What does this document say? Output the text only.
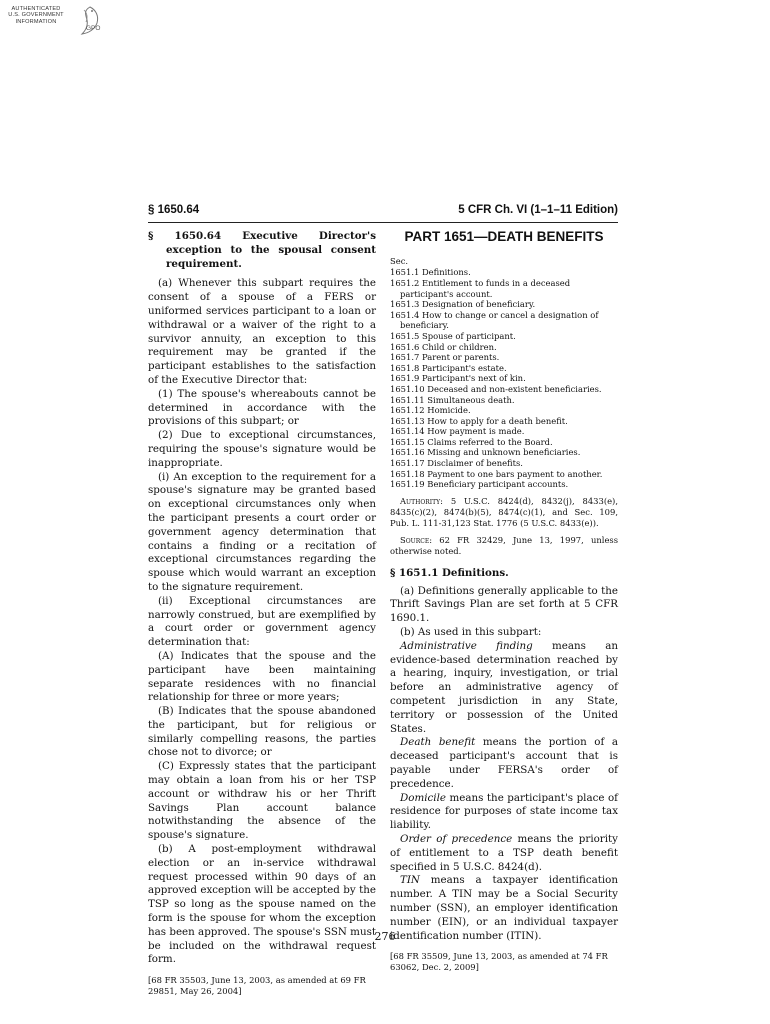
AUTHENTICATED
U.S. GOVERNMENT
INFORMATION
GPO
§ 1650.64	5 CFR Ch. VI (1–1–11 Edition)

§ 1650.64 Executive Director's exception to the spousal consent requirement.

(a) Whenever this subpart requires the consent of a spouse of a FERS or uniformed services participant to a loan or withdrawal or a waiver of the right to a survivor annuity, an exception to this requirement may be granted if the participant establishes to the satisfaction of the Executive Director that:

(1) The spouse's whereabouts cannot be determined in accordance with the provisions of this subpart; or

(2) Due to exceptional circumstances, requiring the spouse's signature would be inappropriate.

(i) An exception to the requirement for a spouse's signature may be granted based on exceptional circumstances only when the participant presents a court order or government agency determination that contains a finding or a recitation of exceptional circumstances regarding the spouse which would warrant an exception to the signature requirement.

(ii) Exceptional circumstances are narrowly construed, but are exemplified by a court order or government agency determination that:

(A) Indicates that the spouse and the participant have been maintaining separate residences with no financial relationship for three or more years;

(B) Indicates that the spouse abandoned the participant, but for religious or similarly compelling reasons, the parties chose not to divorce; or

(C) Expressly states that the participant may obtain a loan from his or her TSP account or withdraw his or her Thrift Savings Plan account balance notwithstanding the absence of the spouse's signature.

(b) A post-employment withdrawal election or an in-service withdrawal request processed within 90 days of an approved exception will be accepted by the TSP so long as the spouse named on the form is the spouse for whom the exception has been approved. The spouse's SSN must be included on the withdrawal request form.

[68 FR 35503, June 13, 2003, as amended at 69 FR 29851, May 26, 2004]

PART 1651—DEATH BENEFITS

Sec.

1651.1 Definitions.

1651.2 Entitlement to funds in a deceased participant's account.

1651.3 Designation of beneficiary.

1651.4 How to change or cancel a designation of beneficiary.

1651.5 Spouse of participant.

1651.6 Child or children.

1651.7 Parent or parents.

1651.8 Participant's estate.

1651.9 Participant's next of kin.

1651.10 Deceased and non-existent beneficiaries.

1651.11 Simultaneous death.

1651.12 Homicide.

1651.13 How to apply for a death benefit.

1651.14 How payment is made.

1651.15 Claims referred to the Board.

1651.16 Missing and unknown beneficiaries.

1651.17 Disclaimer of benefits.

1651.18 Payment to one bars payment to another.

1651.19 Beneficiary participant accounts.

Authority: 5 U.S.C. 8424(d), 8432(j), 8433(e), 8435(c)(2), 8474(b)(5), 8474(c)(1), and Sec. 109, Pub. L. 111-31,123 Stat. 1776 (5 U.S.C. 8433(e)).

Source: 62 FR 32429, June 13, 1997, unless otherwise noted.

§ 1651.1 Definitions.

(a) Definitions generally applicable to the Thrift Savings Plan are set forth at 5 CFR 1690.1.

(b) As used in this subpart:

Administrative finding means an evidence-based determination reached by a hearing, inquiry, investigation, or trial before an administrative agency of competent jurisdiction in any State, territory or possession of the United States.

Death benefit means the portion of a deceased participant's account that is payable under FERSA's order of precedence.

Domicile means the participant's place of residence for purposes of state income tax liability.

Order of precedence means the priority of entitlement to a TSP death benefit specified in 5 U.S.C. 8424(d).

TIN means a taxpayer identification number. A TIN may be a Social Security number (SSN), an employer identification number (EIN), or an individual taxpayer identification number (ITIN).

[68 FR 35509, June 13, 2003, as amended at 74 FR 63062, Dec. 2, 2009]

276
